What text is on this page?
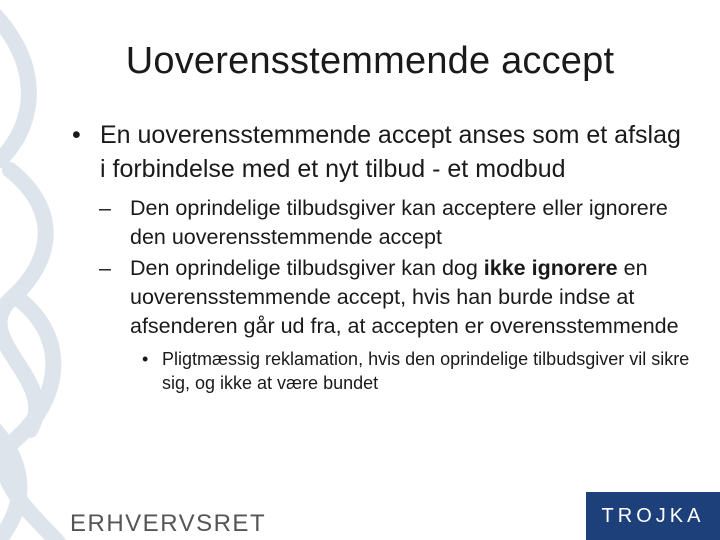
Uoverensstemmende accept

• En uoverensstemmende accept anses som et afslag i forbindelse med et nyt tilbud - et modbud

– Den oprindelige tilbudsgiver kan acceptere eller ignorere den uoverensstemmende accept
– Den oprindelige tilbudsgiver kan dog ikke ignorere en uoverensstemmende accept, hvis han burde indse at afsenderen går ud fra, at accepten er overensstemmende
• Pligtmæssig reklamation, hvis den oprindelige tilbudsgiver vil sikre sig, og ikke at være bundet
ERHVERVSRET	TROJKA
